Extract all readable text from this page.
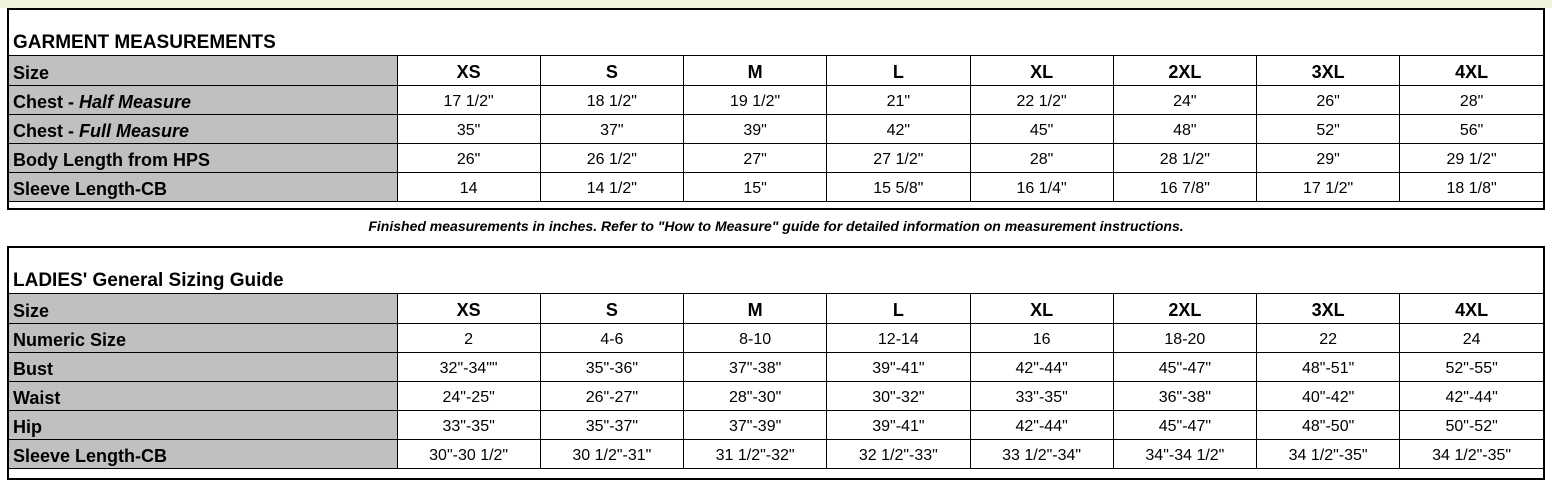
GARMENT MEASUREMENTS
Size	XS	S	M	L	XL	2XL	3XL	4XL
Chest - Half Measure	17 1/2"	18 1/2"	19 1/2"	21"	22 1/2"	24"	26"	28"
Chest - Full Measure	35"	37"	39"	42"	45"	48"	52"	56"
Body Length from HPS	26"	26 1/2"	27"	27 1/2"	28"	28 1/2"	29"	29 1/2"
Sleeve Length-CB	14	14 1/2"	15"	15 5/8"	16 1/4"	16 7/8"	17 1/2"	18 1/8"
Finished measurements in inches. Refer to "How to Measure" guide for detailed information on measurement instructions.
LADIES' General Sizing Guide
Size	XS	S	M	L	XL	2XL	3XL	4XL
Numeric Size	2	4-6	8-10	12-14	16	18-20	22	24
Bust	32"-34""	35"-36"	37"-38"	39"-41"	42"-44"	45"-47"	48"-51"	52"-55"
Waist	24"-25"	26"-27"	28"-30"	30"-32"	33"-35"	36"-38"	40"-42"	42"-44"
Hip	33"-35"	35"-37"	37"-39"	39"-41"	42"-44"	45"-47"	48"-50"	50"-52"
Sleeve Length-CB	30"-30 1/2"	30 1/2"-31"	31 1/2"-32"	32 1/2"-33"	33 1/2"-34"	34"-34 1/2"	34 1/2"-35"	34 1/2"-35"
